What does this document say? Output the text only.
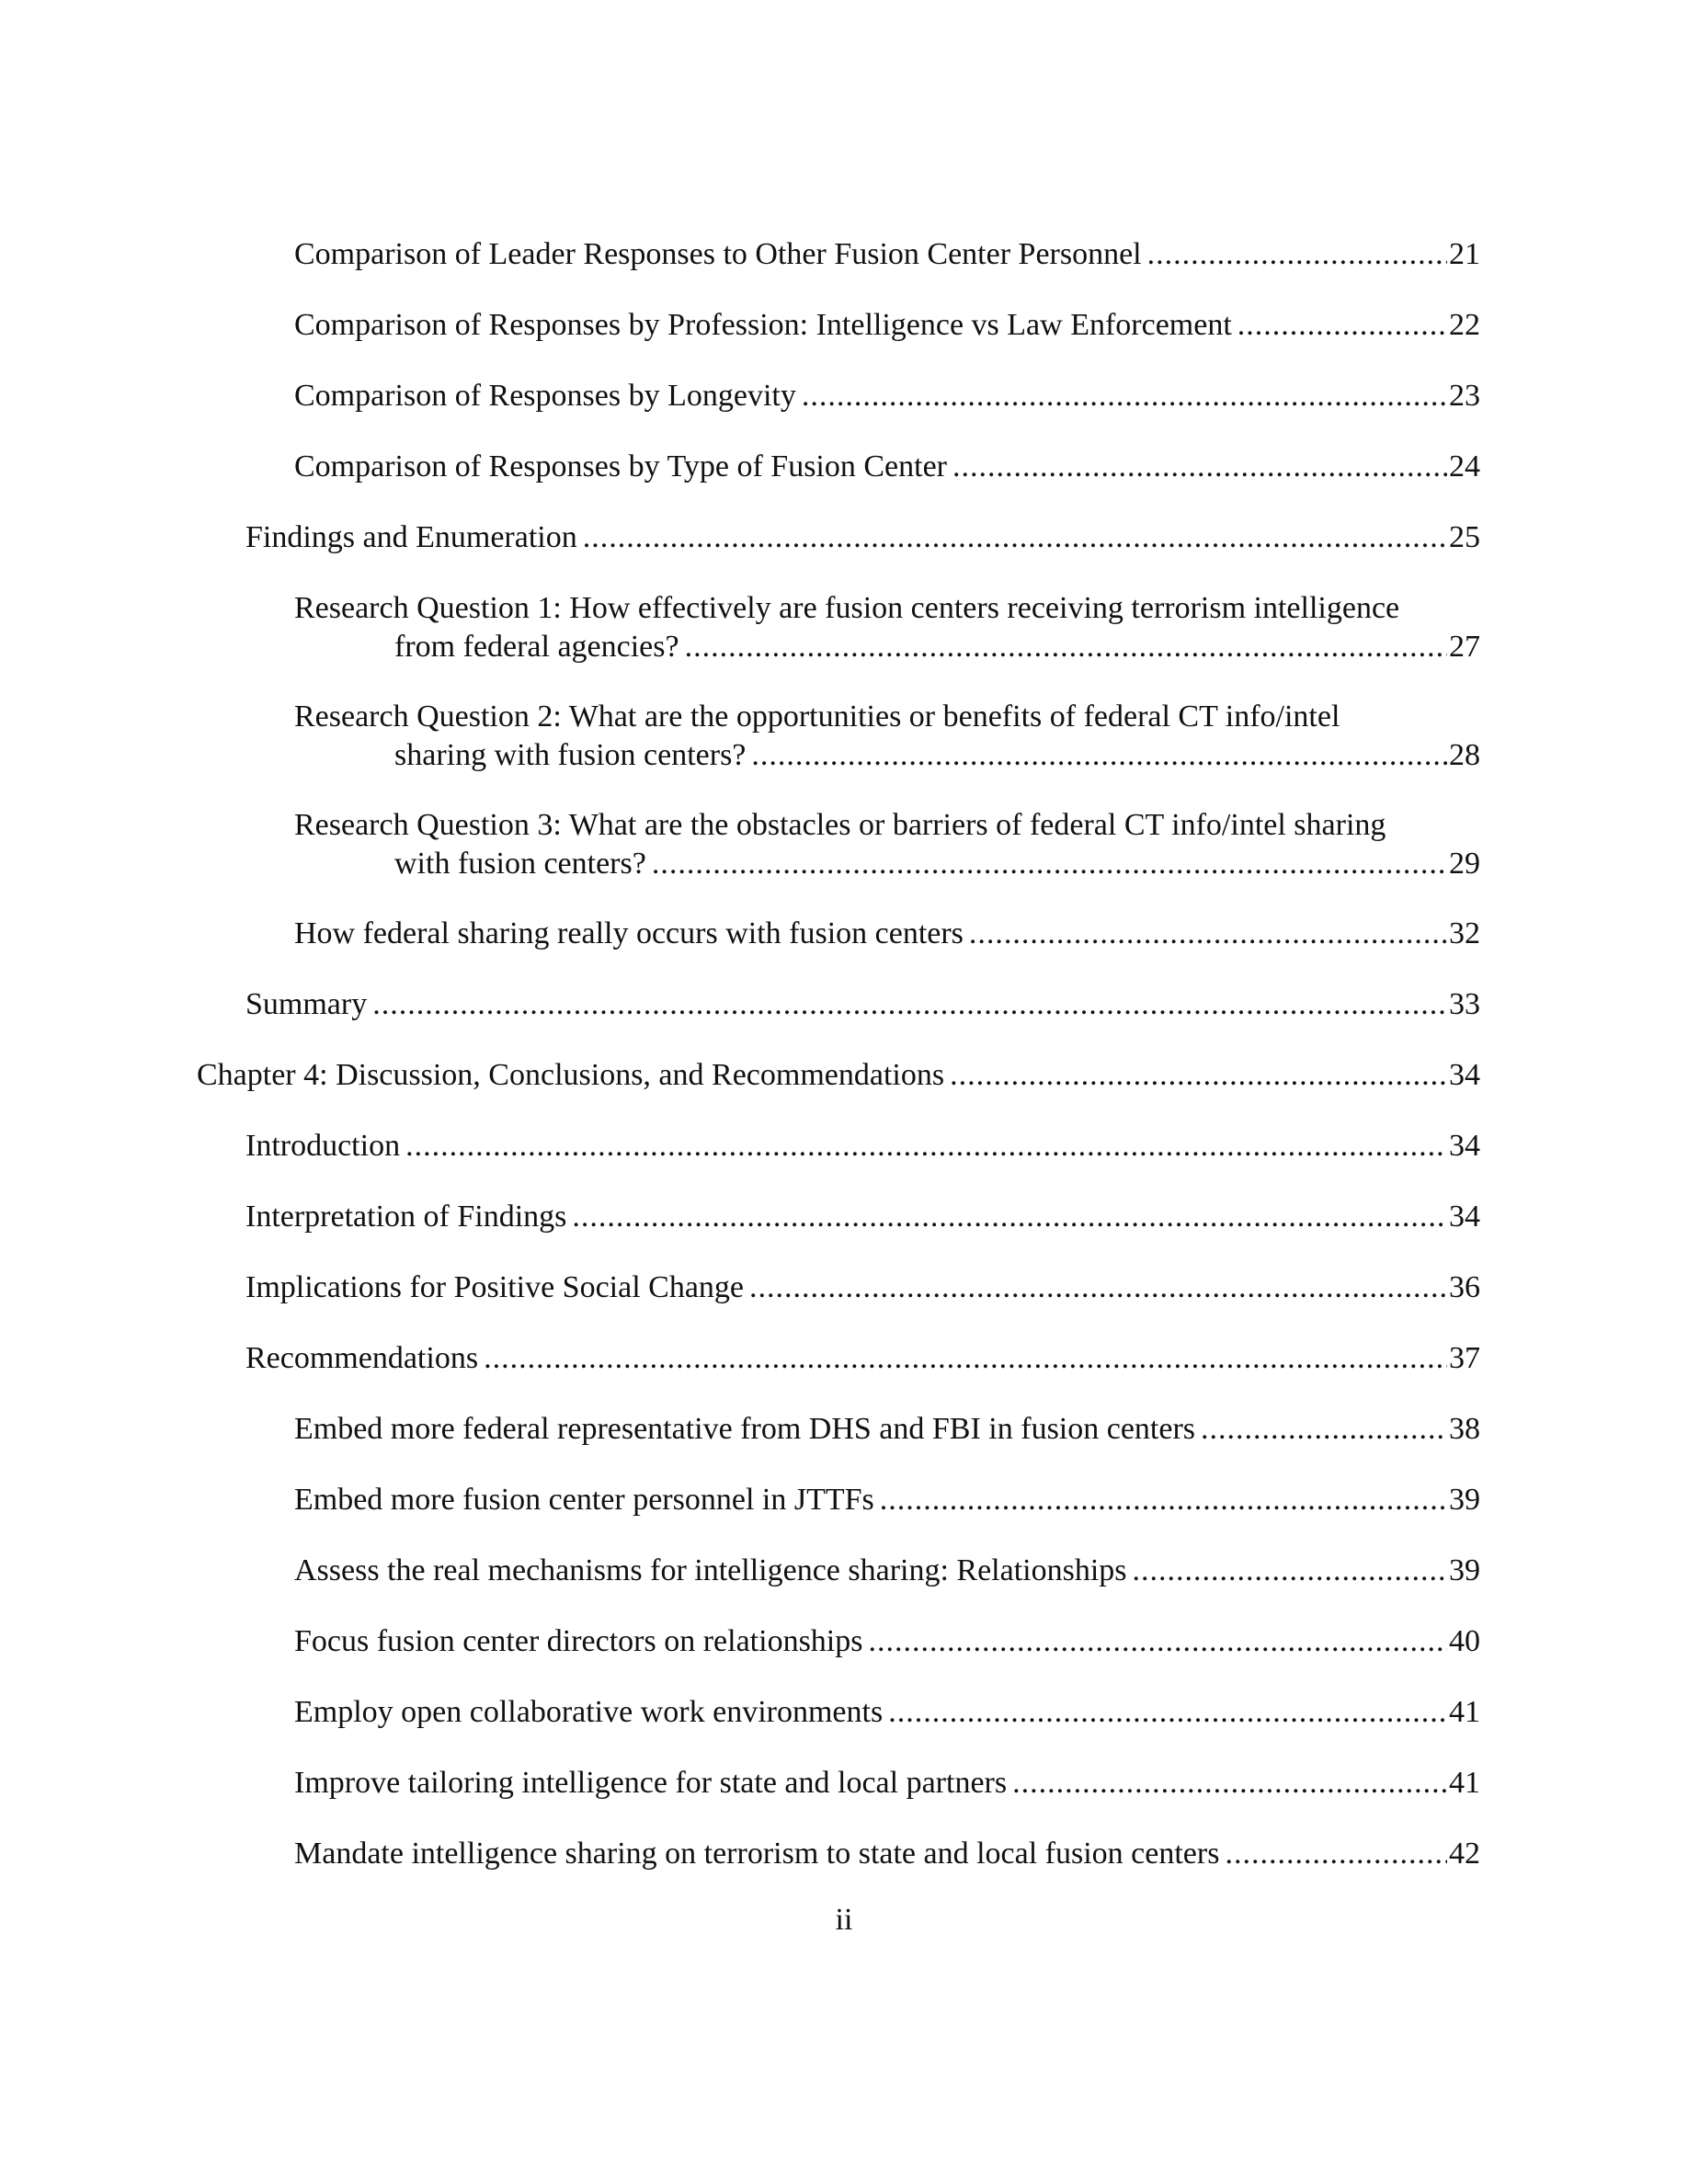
Comparison of Leader Responses to Other Fusion Center Personnel .....	21
Comparison of Responses by Profession: Intelligence vs Law Enforcement .....	22
Comparison of Responses by Longevity .....	23
Comparison of Responses by Type of Fusion Center .....	24
Findings and Enumeration .....	25
Research Question 1: How effectively are fusion centers receiving terrorism intelligence
from federal agencies? .....	27
Research Question 2: What are the opportunities or benefits of federal CT info/intel
sharing with fusion centers? .....	28
Research Question 3: What are the obstacles or barriers of federal CT info/intel sharing
with fusion centers? .....	29
How federal sharing really occurs with fusion centers .....	32
Summary .....	33
Chapter 4: Discussion, Conclusions, and Recommendations .....	34
Introduction .....	34
Interpretation of Findings .....	34
Implications for Positive Social Change .....	36
Recommendations .....	37
Embed more federal representative from DHS and FBI in fusion centers .....	38
Embed more fusion center personnel in JTTFs .....	39
Assess the real mechanisms for intelligence sharing: Relationships .....	39
Focus fusion center directors on relationships .....	40
Employ open collaborative work environments .....	41
Improve tailoring intelligence for state and local partners .....	41
Mandate intelligence sharing on terrorism to state and local fusion centers .....	42
ii
